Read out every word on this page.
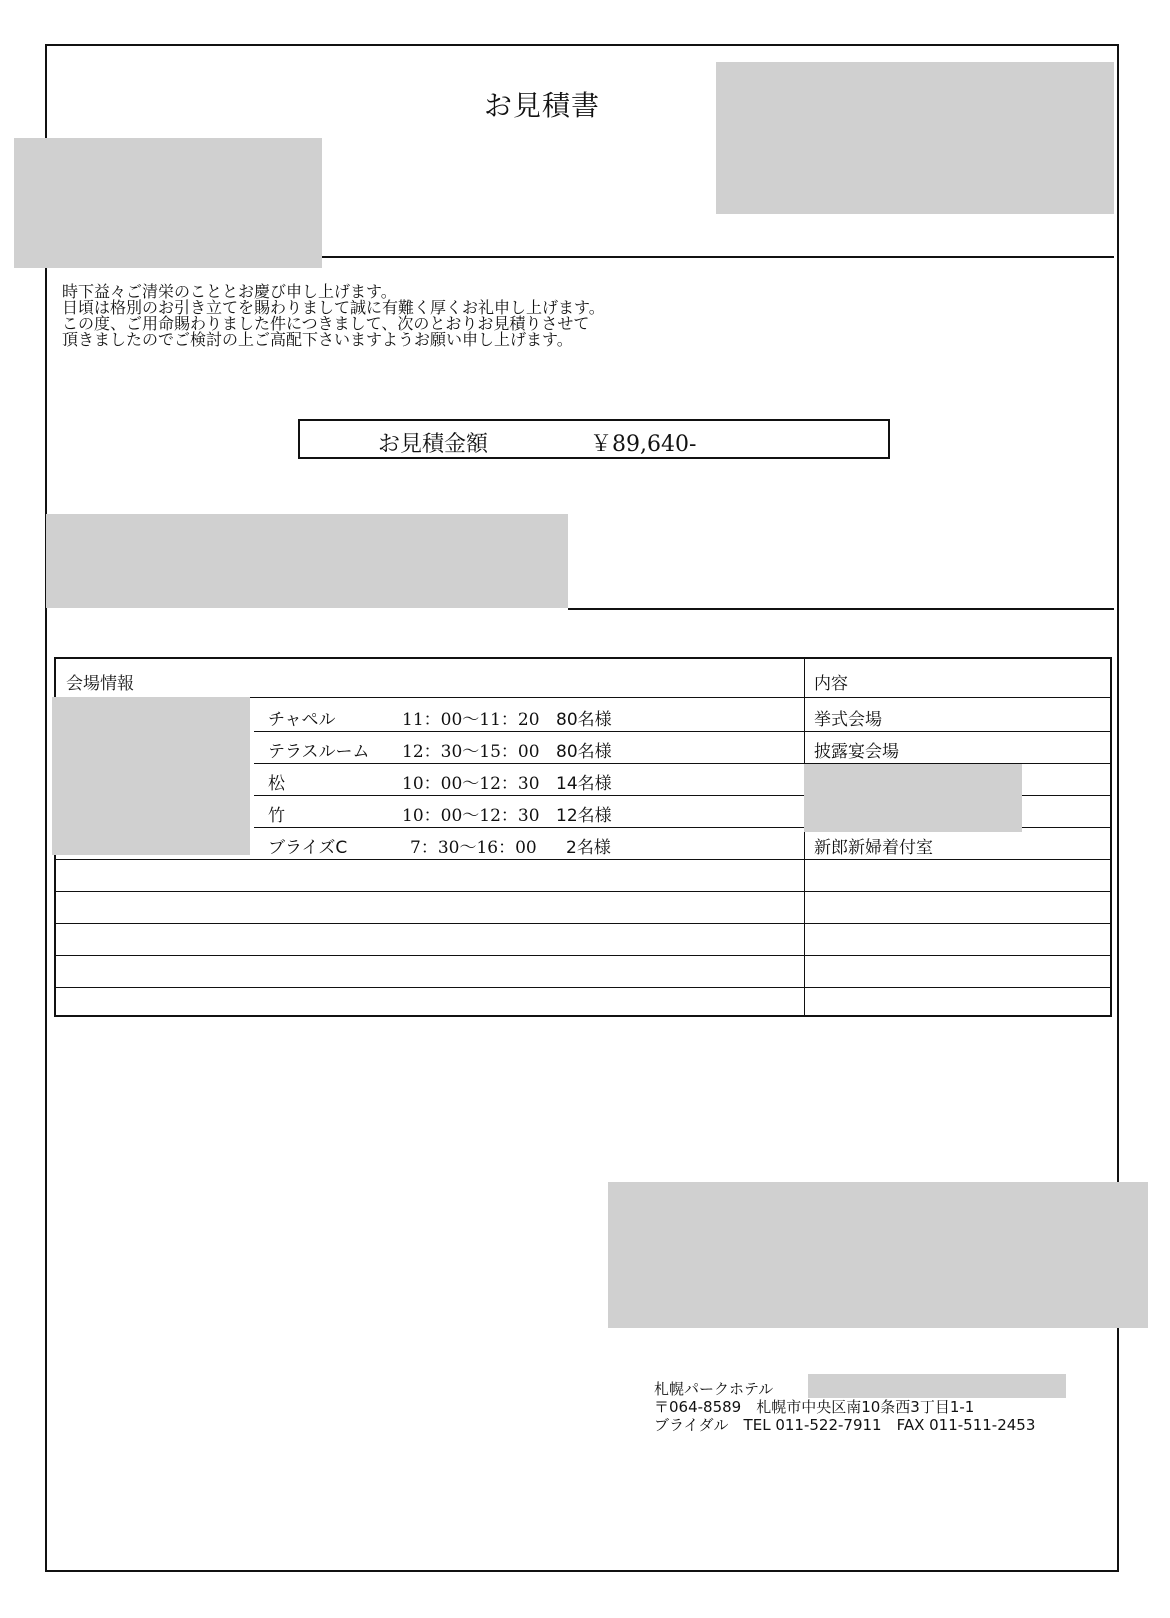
お見積書
時下益々ご清栄のこととお慶び申し上げます。
日頃は格別のお引き立てを賜わりまして誠に有難く厚くお礼申し上げます。
この度、ご用命賜わりました件につきまして、次のとおりお見積りさせて
頂きましたのでご検討の上ご高配下さいますようお願い申し上げます。
お見積金額	￥89,640-
会場情報	内容
チャペル	11：00～11：20 80名様	挙式会場
テラスルーム 12：30～15：00 80名様	披露宴会場
松	10：00～12：30 14名様
竹	10：00～12：30 12名様
ブライズC	7：30～16：00 2名様	新郎新婦着付室
札幌パークホテル
〒064-8589　札幌市中央区南10条西3丁目1-1
ブライダル　TEL 011-522-7911　FAX 011-511-2453
